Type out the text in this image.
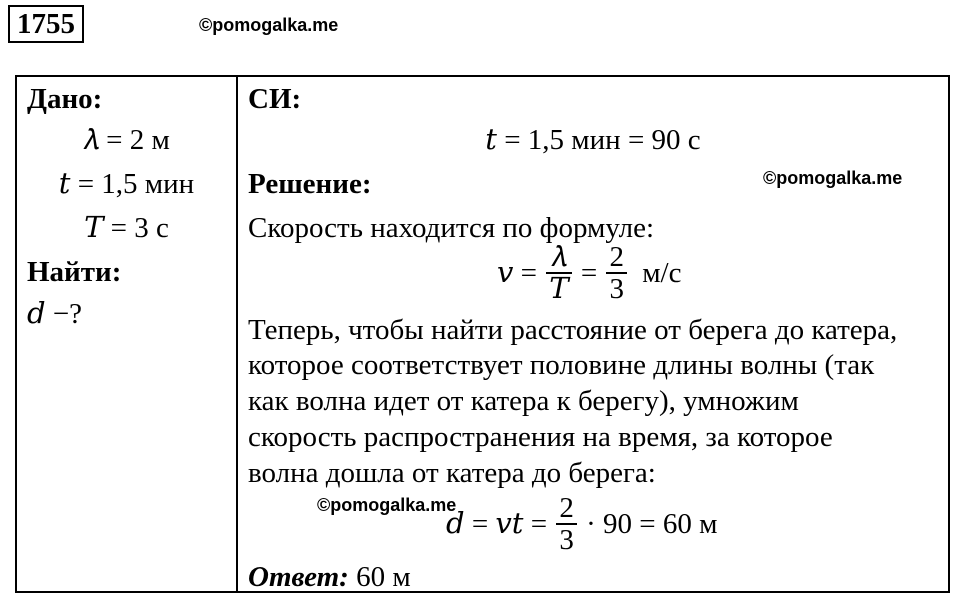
1755	©pomogalka.me
Дано:
𝜆 = 2 м
𝑡 = 1,5 мин
𝑇 = 3 с
Найти:
𝑑 −?
СИ:
𝑡 = 1,5 мин = 90 с
Решение:	©pomogalka.me
Скорость находится по формуле:
𝑣 = $\frac{\text{𝜆}}{\text{𝑇}} = \frac{2}{3} м/с$
Теперь, чтобы найти расстояние от берега до катера,
которое соответствует половине длины волны (так
как волна идет от катера к берегу), умножим
скорость распространения на время, за которое
волна дошла от катера до берега:
©pomogalka.me
𝑑 = 𝑣𝑡 = $\frac{2}{3} \cdot 90 = 60$ м
Ответ: 60 м
